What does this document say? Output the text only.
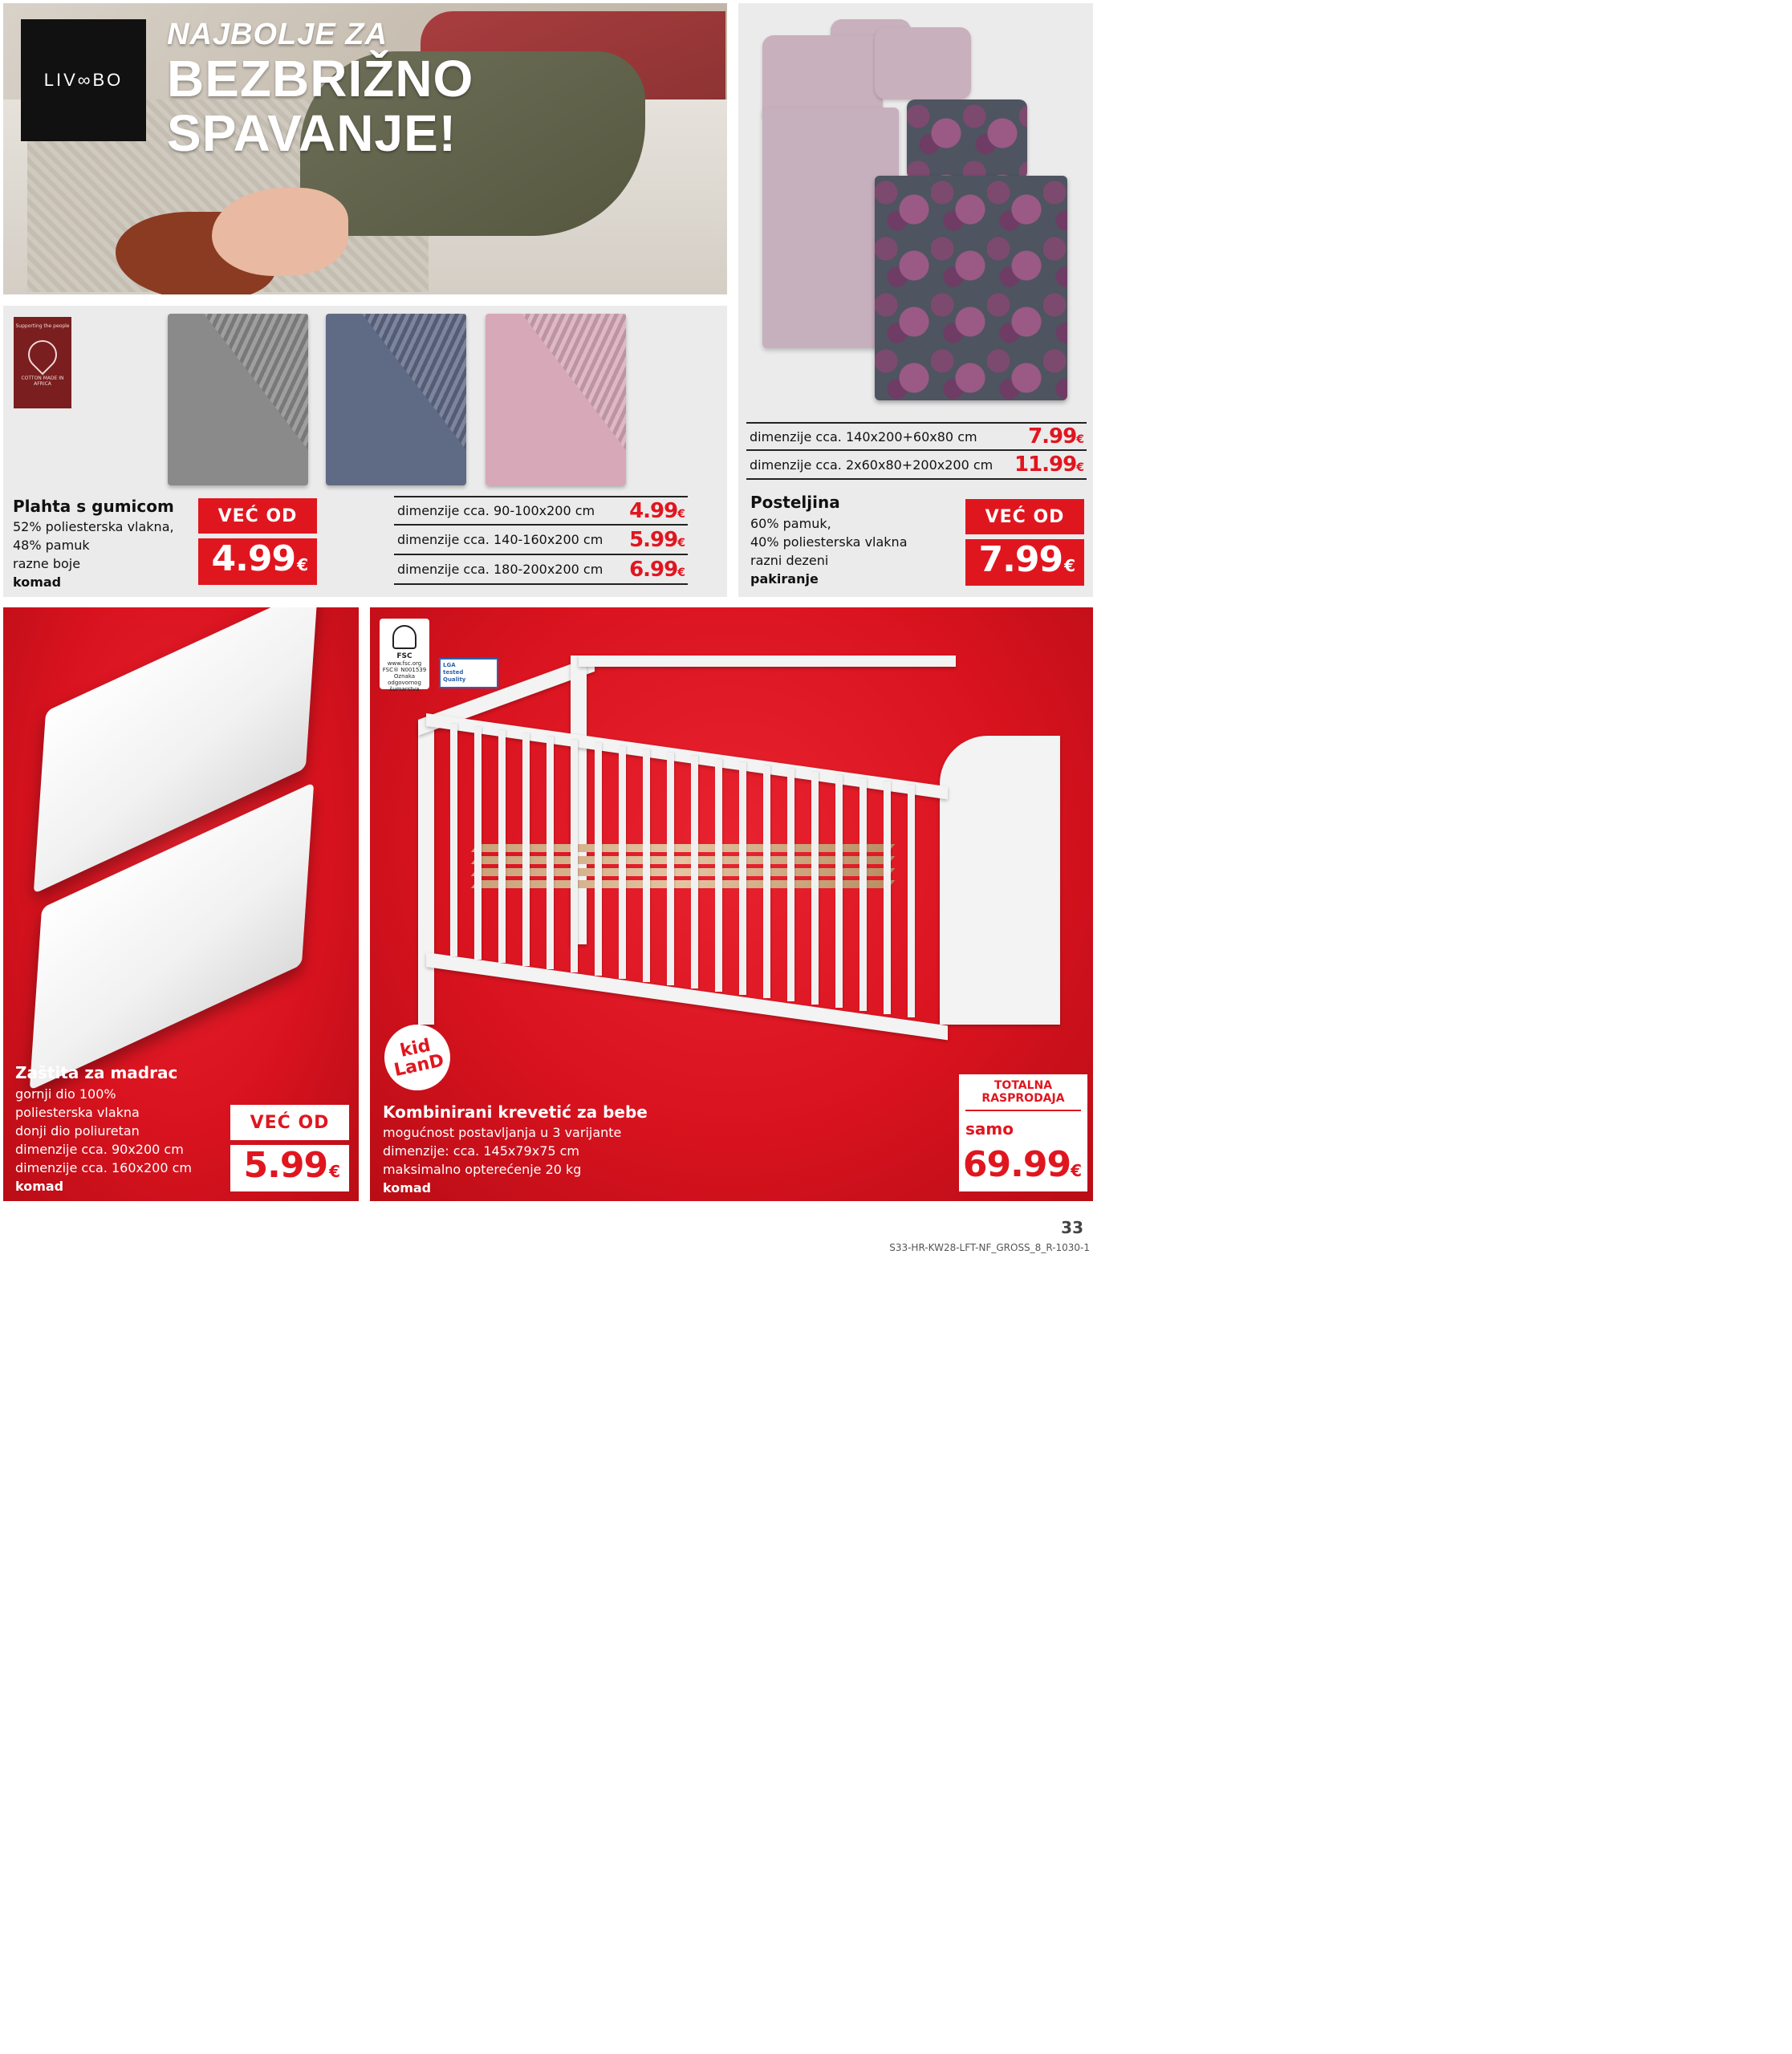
LIV∞BO
NAJBOLJE ZA
BEZBRIŽNO
SPAVANJE!
dimenzije cca. 140x200+60x80 cm 7.99€
dimenzije cca. 2x60x80+200x200 cm 11.99€
Posteljina
60% pamuk,
40% poliesterska vlakna
razni dezeni
pakiranje
VEĆ OD
7.99 €
Supporting the people
COTTON MADE IN AFRICA
Plahta s gumicom
52% poliesterska vlakna,
48% pamuk
razne boje
komad
VEĆ OD
4.99 €
dimenzije cca. 90-100x200 cm 4.99€
dimenzije cca. 140-160x200 cm 5.99€
dimenzije cca. 180-200x200 cm 6.99€
Zaštita za madrac
gornji dio 100%
poliesterska vlakna
donji dio poliuretan
dimenzije cca. 90x200 cm
dimenzije cca. 160x200 cm
komad
VEĆ OD
5.99 €
FSC
www.fsc.org
FSC® N001539
Oznaka odgovornog šumarstva
LGA
tested
Quality
kid LanD
Kombinirani krevetić za bebe
mogućnost postavljanja u 3 varijante
dimenzije: cca. 145x79x75 cm
maksimalno opterećenje 20 kg
komad
TOTALNA
RASPRODAJA
samo
69.99€
33
S33-HR-KW28-LFT-NF_GROSS_8_R-1030-1
